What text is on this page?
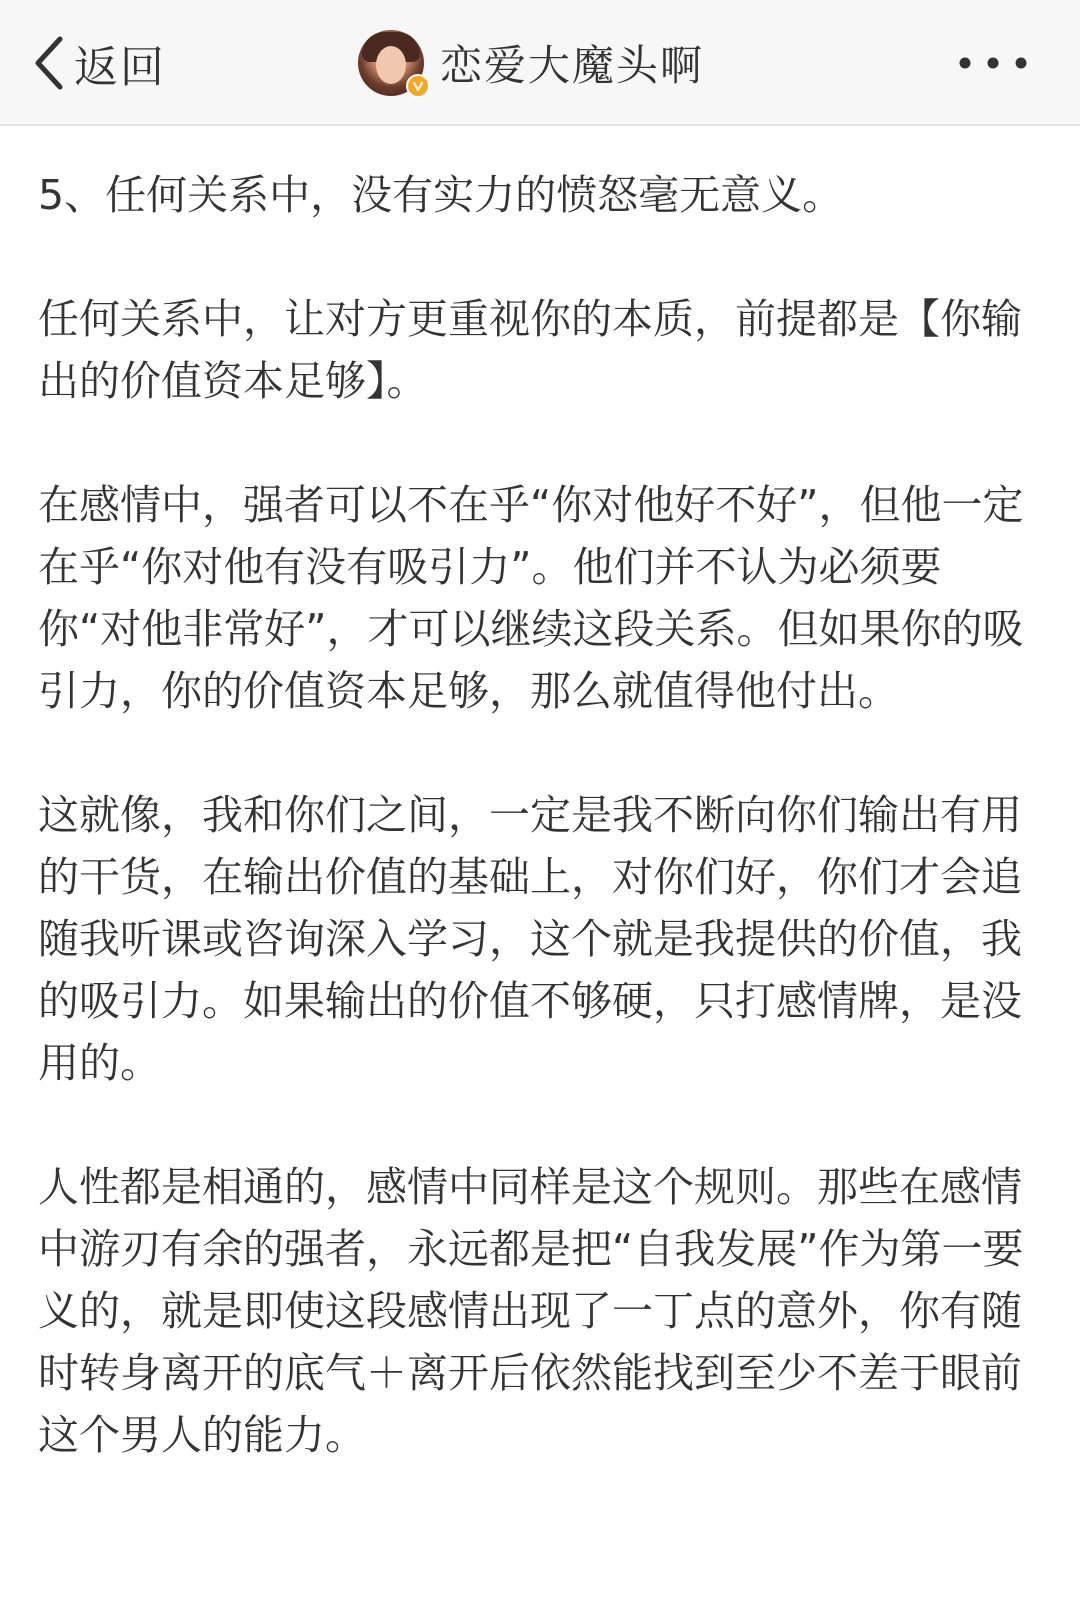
返回	恋爱大魔头啊

5、任何关系中，没有实力的愤怒毫无意义。

任何关系中，让对方更重视你的本质，前提都是【你输出的价值资本足够】。

在感情中，强者可以不在乎“你对他好不好”，但他一定在乎“你对他有没有吸引力”。他们并不认为必须要你“对他非常好”，才可以继续这段关系。但如果你的吸引力，你的价值资本足够，那么就值得他付出。

这就像，我和你们之间，一定是我不断向你们输出有用的干货，在输出价值的基础上，对你们好，你们才会追随我听课或咨询深入学习，这个就是我提供的价值，我的吸引力。如果输出的价值不够硬，只打感情牌，是没用的。

人性都是相通的，感情中同样是这个规则。那些在感情中游刃有余的强者，永远都是把“自我发展”作为第一要义的，就是即使这段感情出现了一丁点的意外，你有随时转身离开的底气＋离开后依然能找到至少不差于眼前这个男人的能力。
